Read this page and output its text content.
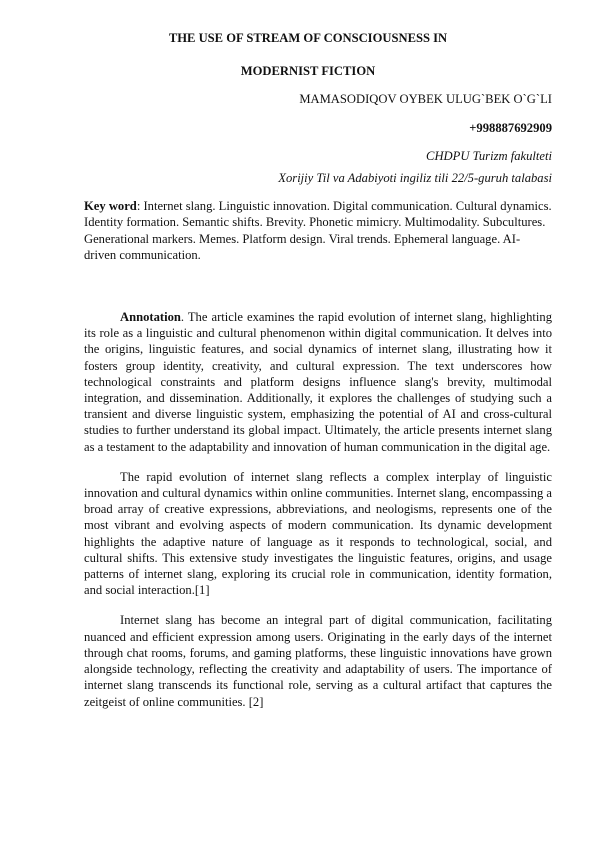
THE USE OF STREAM OF CONSCIOUSNESS IN

MODERNIST FICTION

MAMASODIQOV OYBEK ULUG`BEK O`G`LI

+998887692909

CHDPU Turizm fakulteti

Xorijiy Til va Adabiyoti ingiliz tili 22/5-guruh talabasi

Key word: Internet slang. Linguistic innovation. Digital communication. Cultural dynamics. Identity formation. Semantic shifts. Brevity. Phonetic mimicry. Multimodality. Subcultures. Generational markers. Memes. Platform design. Viral trends. Ephemeral language. AI-driven communication.

Annotation. The article examines the rapid evolution of internet slang, highlighting its role as a linguistic and cultural phenomenon within digital communication. It delves into the origins, linguistic features, and social dynamics of internet slang, illustrating how it fosters group identity, creativity, and cultural expression. The text underscores how technological constraints and platform designs influence slang's brevity, multimodal integration, and dissemination. Additionally, it explores the challenges of studying such a transient and diverse linguistic system, emphasizing the potential of AI and cross-cultural studies to further understand its global impact. Ultimately, the article presents internet slang as a testament to the adaptability and innovation of human communication in the digital age.

The rapid evolution of internet slang reflects a complex interplay of linguistic innovation and cultural dynamics within online communities. Internet slang, encompassing a broad array of creative expressions, abbreviations, and neologisms, represents one of the most vibrant and evolving aspects of modern communication. Its dynamic development highlights the adaptive nature of language as it responds to technological, social, and cultural shifts. This extensive study investigates the linguistic features, origins, and usage patterns of internet slang, exploring its crucial role in communication, identity formation, and social interaction.[1]

Internet slang has become an integral part of digital communication, facilitating nuanced and efficient expression among users. Originating in the early days of the internet through chat rooms, forums, and gaming platforms, these linguistic innovations have grown alongside technology, reflecting the creativity and adaptability of users. The importance of internet slang transcends its functional role, serving as a cultural artifact that captures the zeitgeist of online communities. [2]
